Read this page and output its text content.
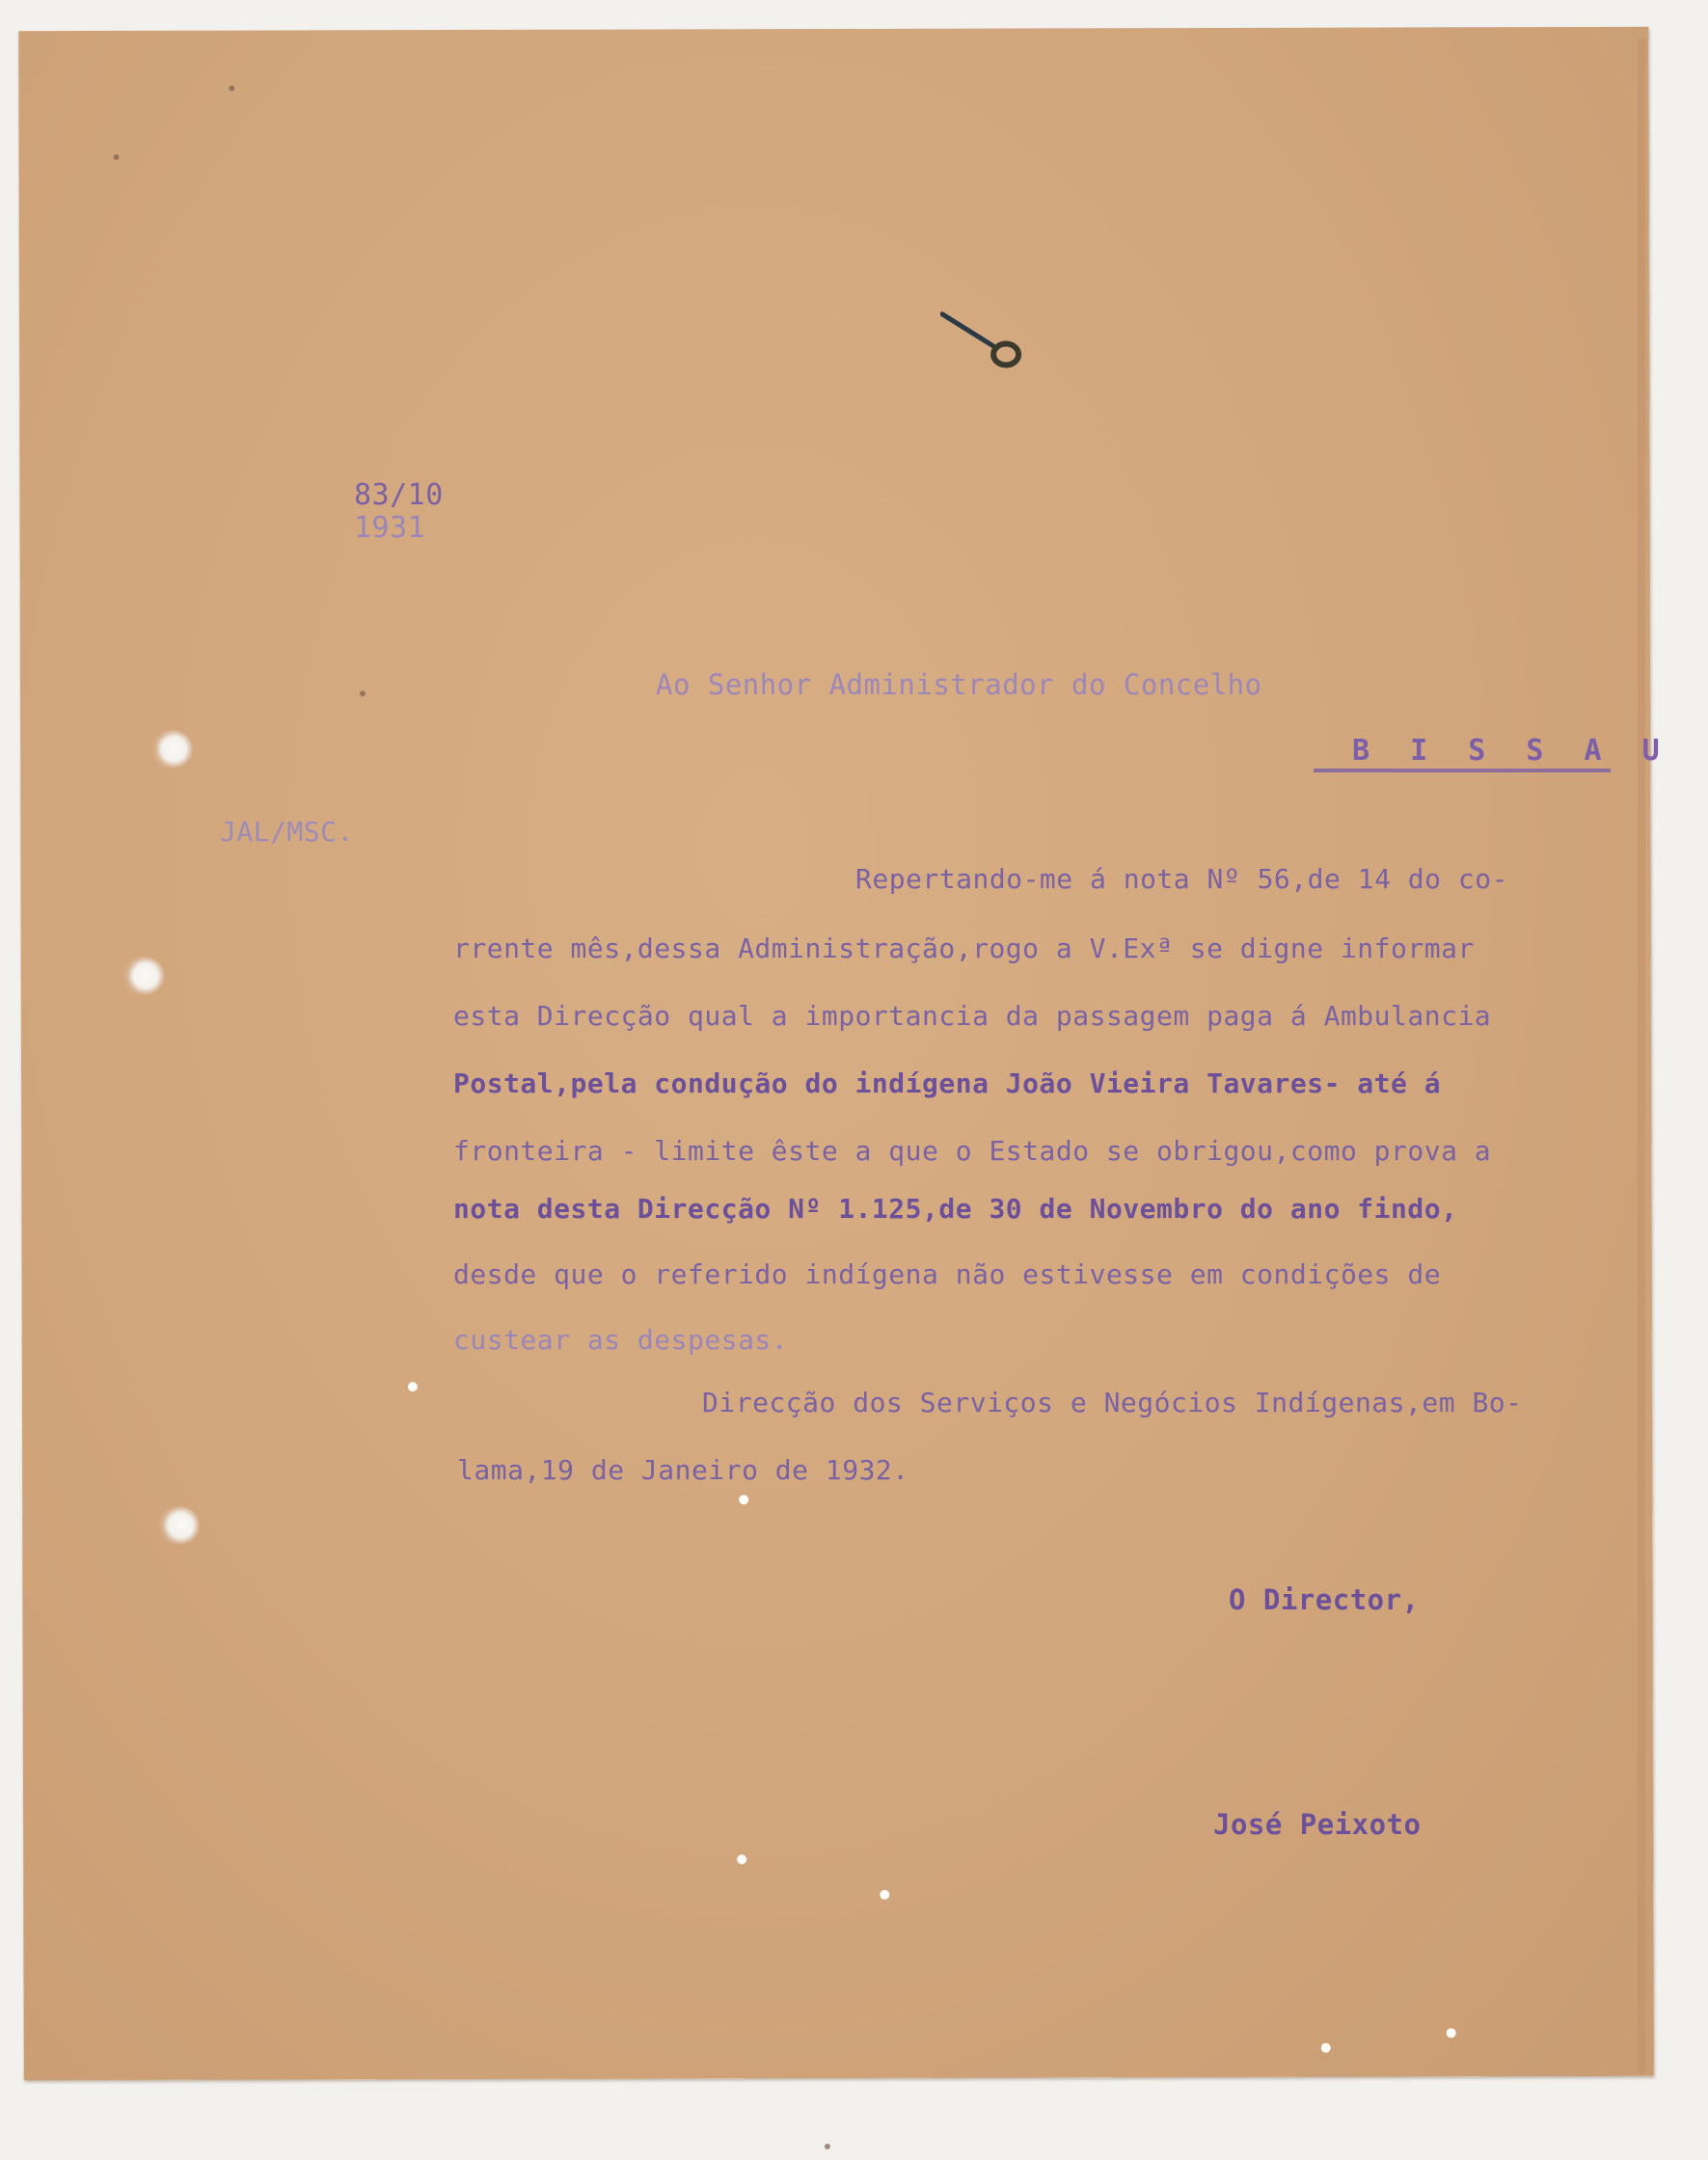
83/10
1931
Ao Senhor Administrador do Concelho
B I S S A U
JAL/MSC.
Repertando-me á nota Nº 56,de 14 do co-
rrente mês,dessa Administração,rogo a V.Exª se digne informar
esta Direcção qual a importancia da passagem paga á Ambulancia
Postal,pela condução do indígena João Vieira Tavares- até á
fronteira - limite êste a que o Estado se obrigou,como prova a
nota desta Direcção Nº 1.125,de 30 de Novembro do ano findo,
desde que o referido indígena não estivesse em condições de
custear as despesas.
Direcção dos Serviços e Negócios Indígenas,em Bo-
lama,19 de Janeiro de 1932.
O Director,
José Peixoto
